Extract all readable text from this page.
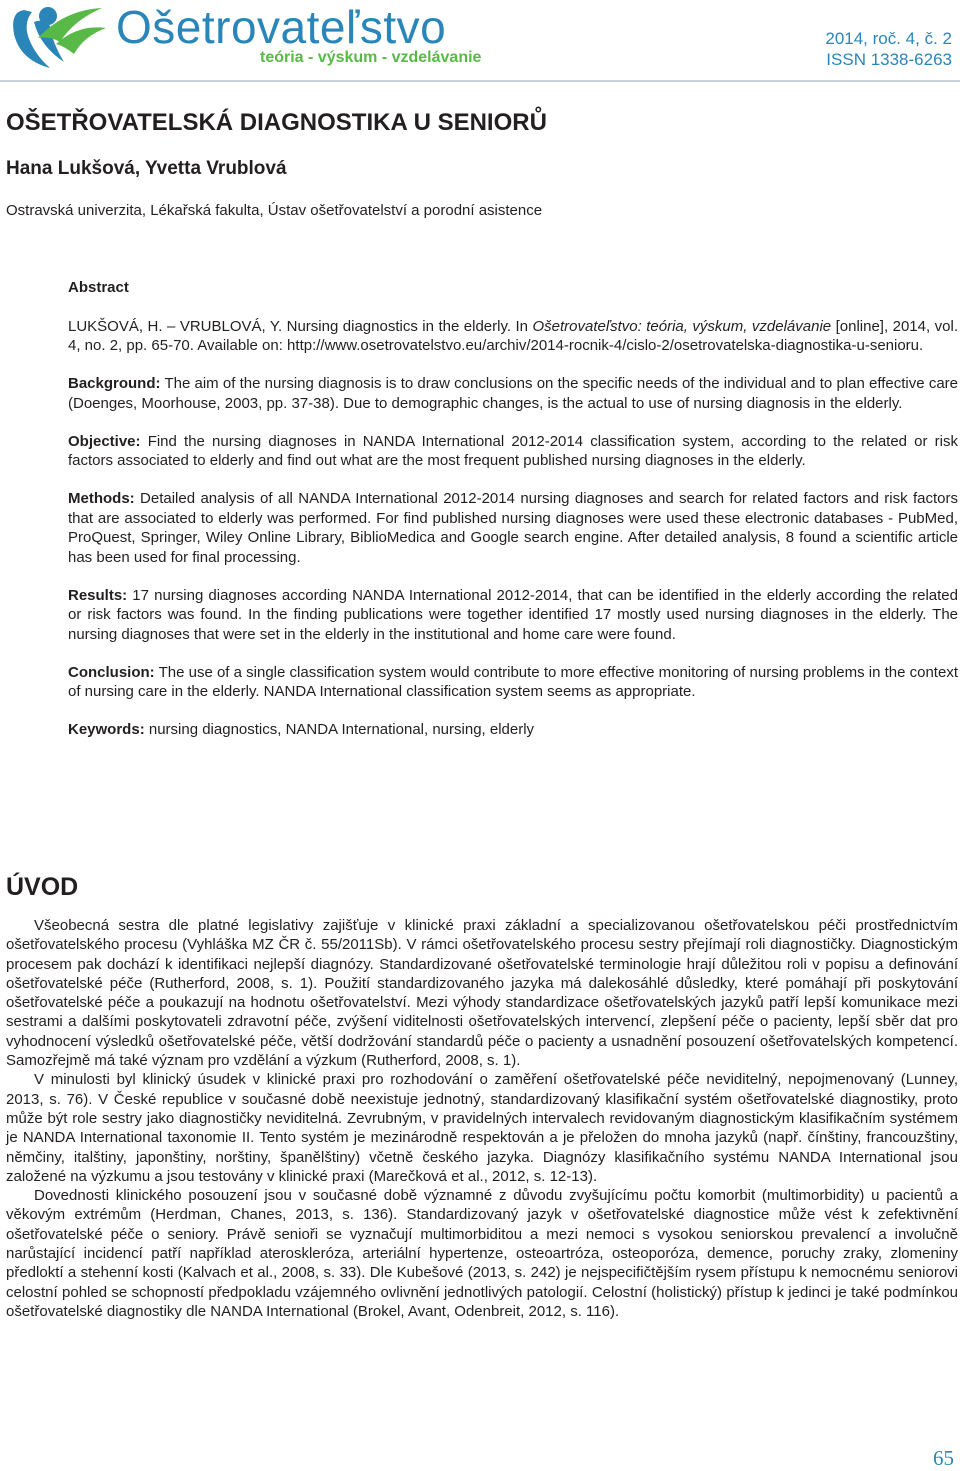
Ošetrovateľstvo
teória - výskum - vzdelávanie
2014, roč. 4, č. 2
ISSN 1338-6263
OŠETŘOVATELSKÁ DIAGNOSTIKA U SENIORŮ
Hana Lukšová, Yvetta Vrublová
Ostravská univerzita, Lékařská fakulta, Ústav ošetřovatelství a porodní asistence

Abstract

LUKŠOVÁ, H. – VRUBLOVÁ, Y. Nursing diagnostics in the elderly. In Ošetrovateľstvo: teória, výskum, vzdelávanie [online], 2014, vol. 4, no. 2, pp. 65-70. Available on: http://www.osetrovatelstvo.eu/archiv/2014-rocnik-4/cislo-2/osetrovatelska-diagnostika-u-senioru.

Background: The aim of the nursing diagnosis is to draw conclusions on the specific needs of the individual and to plan effective care (Doenges, Moorhouse, 2003, pp. 37-38). Due to demographic changes, is the actual to use of nursing diagnosis in the elderly.

Objective: Find the nursing diagnoses in NANDA International 2012-2014 classification system, according to the related or risk factors associated to elderly and find out what are the most frequent published nursing diagnoses in the elderly.

Methods: Detailed analysis of all NANDA International 2012-2014 nursing diagnoses and search for related factors and risk factors that are associated to elderly was performed. For find published nursing diagnoses were used these electronic databases - PubMed, ProQuest, Springer, Wiley Online Library, BiblioMedica and Google search engine. After detailed analysis, 8 found a scientific article has been used for final processing.

Results: 17 nursing diagnoses according NANDA International 2012-2014, that can be identified in the elderly according the related or risk factors was found. In the finding publications were together identified 17 mostly used nursing diagnoses in the elderly. The nursing diagnoses that were set in the elderly in the institutional and home care were found.

Conclusion: The use of a single classification system would contribute to more effective monitoring of nursing problems in the context of nursing care in the elderly. NANDA International classification system seems as appropriate.

Keywords: nursing diagnostics, NANDA International, nursing, elderly

ÚVOD

Všeobecná sestra dle platné legislativy zajišťuje v klinické praxi základní a specializovanou ošetřovatelskou péči prostřednictvím ošetřovatelského procesu (Vyhláška MZ ČR č. 55/2011Sb). V rámci ošetřovatelského procesu sestry přejímají roli diagnostičky. Diagnostickým procesem pak dochází k identifikaci nejlepší diagnózy. Standardizované ošetřovatelské terminologie hrají důležitou roli v popisu a definování ošetřovatelské péče (Rutherford, 2008, s. 1). Použití standardizovaného jazyka má dalekosáhlé důsledky, které pomáhají při poskytování ošetřovatelské péče a poukazují na hodnotu ošetřovatelství. Mezi výhody standardizace ošetřovatelských jazyků patří lepší komunikace mezi sestrami a dalšími poskytovateli zdravotní péče, zvýšení viditelnosti ošetřovatelských intervencí, zlepšení péče o pacienty, lepší sběr dat pro vyhodnocení výsledků ošetřovatelské péče, větší dodržování standardů péče o pacienty a usnadnění posouzení ošetřovatelských kompetencí. Samozřejmě má také význam pro vzdělání a výzkum (Rutherford, 2008, s. 1).

V minulosti byl klinický úsudek v klinické praxi pro rozhodování o zaměření ošetřovatelské péče neviditelný, nepojmenovaný (Lunney, 2013, s. 76). V České republice v současné době neexistuje jednotný, standardizovaný klasifikační systém ošetřovatelské diagnostiky, proto může být role sestry jako diagnostičky neviditelná. Zevrubným, v pravidelných intervalech revidovaným diagnostickým klasifikačním systémem je NANDA International taxonomie II. Tento systém je mezinárodně respektován a je přeložen do mnoha jazyků (např. čínštiny, francouzštiny, němčiny, italštiny, japonštiny, norštiny, španělštiny) včetně českého jazyka. Diagnózy klasifikačního systému NANDA International jsou založené na výzkumu a jsou testovány v klinické praxi (Marečková et al., 2012, s. 12-13).

Dovednosti klinického posouzení jsou v současné době významné z důvodu zvyšujícímu počtu komorbit (multimorbidity) u pacientů a věkovým extrémům (Herdman, Chanes, 2013, s. 136). Standardizovaný jazyk v ošetřovatelské diagnostice může vést k zefektivnění ošetřovatelské péče o seniory. Právě senioři se vyznačují multimorbiditou a mezi nemoci s vysokou seniorskou prevalencí a involučně narůstající incidencí patří například ateroskleróza, arteriální hypertenze, osteoartróza, osteoporóza, demence, poruchy zraky, zlomeniny předloktí a stehenní kosti (Kalvach et al., 2008, s. 33). Dle Kubešové (2013, s. 242) je nejspecifičtějším rysem přístupu k nemocnému seniorovi celostní pohled se schopností předpokladu vzájemného ovlivnění jednotlivých patologií. Celostní (holistický) přístup k jedinci je také podmínkou ošetřovatelské diagnostiky dle NANDA International (Brokel, Avant, Odenbreit, 2012, s. 116).

65
